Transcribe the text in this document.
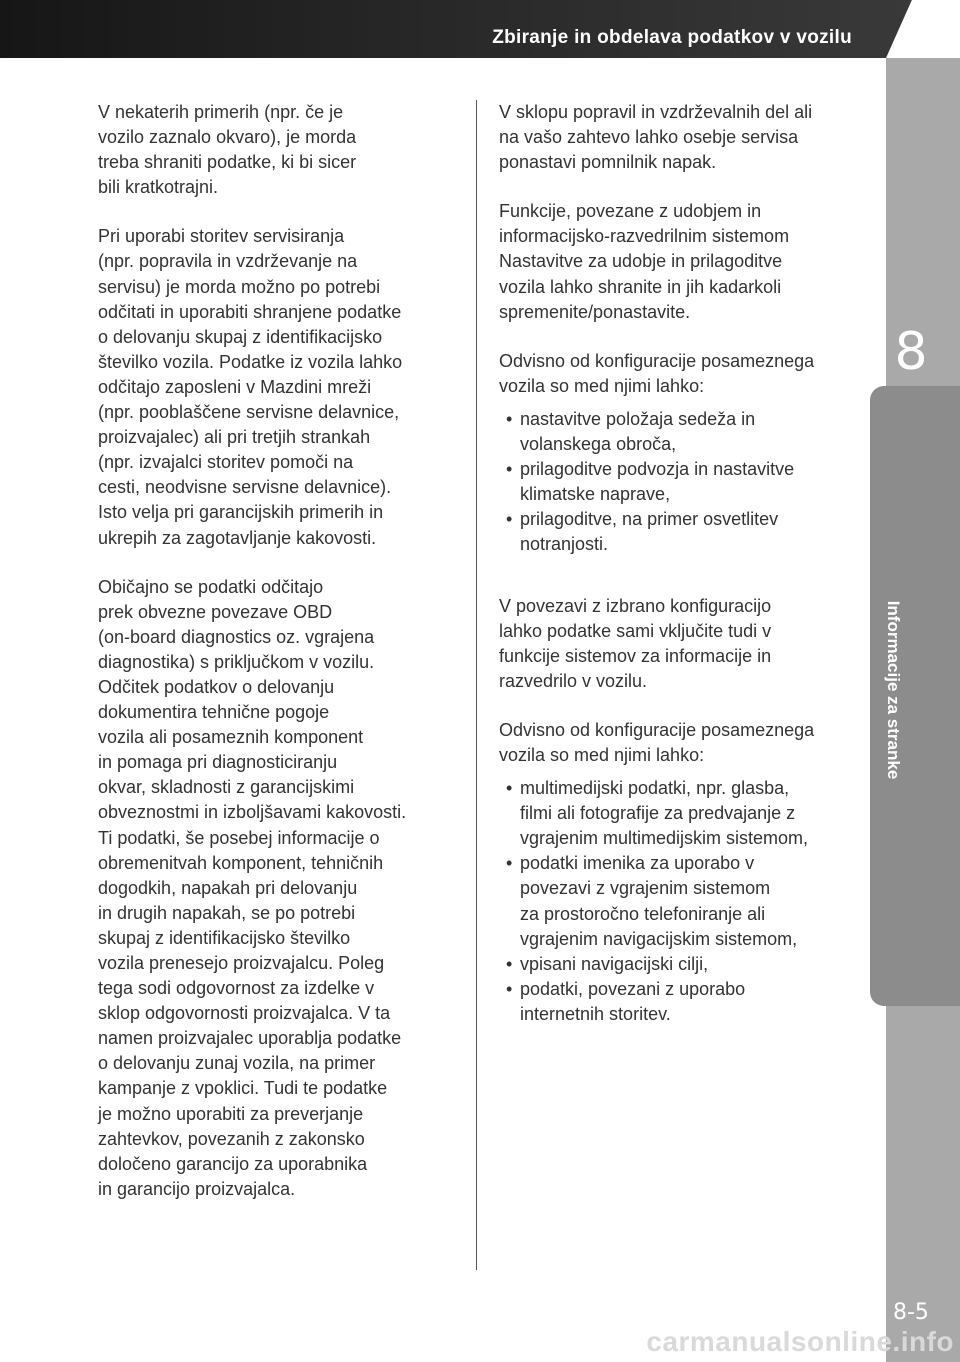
Zbiranje in obdelava podatkov v vozilu
8
Informacije za stranke
8-5

V nekaterih primerih (npr. če je
vozilo zaznalo okvaro), je morda
treba shraniti podatke, ki bi sicer
bili kratkotrajni.

Pri uporabi storitev servisiranja
(npr. popravila in vzdrževanje na
servisu) je morda možno po potrebi
odčitati in uporabiti shranjene podatke
o delovanju skupaj z identifikacijsko
številko vozila. Podatke iz vozila lahko
odčitajo zaposleni v Mazdini mreži
(npr. pooblaščene servisne delavnice,
proizvajalec) ali pri tretjih strankah
(npr. izvajalci storitev pomoči na
cesti, neodvisne servisne delavnice).
Isto velja pri garancijskih primerih in
ukrepih za zagotavljanje kakovosti.

Običajno se podatki odčitajo
prek obvezne povezave OBD
(on-board diagnostics oz. vgrajena
diagnostika) s priključkom v vozilu.
Odčitek podatkov o delovanju
dokumentira tehnične pogoje
vozila ali posameznih komponent
in pomaga pri diagnosticiranju
okvar, skladnosti z garancijskimi
obveznostmi in izboljšavami kakovosti.
Ti podatki, še posebej informacije o
obremenitvah komponent, tehničnih
dogodkih, napakah pri delovanju
in drugih napakah, se po potrebi
skupaj z identifikacijsko številko
vozila prenesejo proizvajalcu. Poleg
tega sodi odgovornost za izdelke v
sklop odgovornosti proizvajalca. V ta
namen proizvajalec uporablja podatke
o delovanju zunaj vozila, na primer
kampanje z vpoklici. Tudi te podatke
je možno uporabiti za preverjanje
zahtevkov, povezanih z zakonsko
določeno garancijo za uporabnika
in garancijo proizvajalca.

V sklopu popravil in vzdrževalnih del ali
na vašo zahtevo lahko osebje servisa
ponastavi pomnilnik napak.

Funkcije, povezane z udobjem in
informacijsko-razvedrilnim sistemom
Nastavitve za udobje in prilagoditve
vozila lahko shranite in jih kadarkoli
spremenite/ponastavite.

Odvisno od konfiguracije posameznega
vozila so med njimi lahko:

• nastavitve položaja sedeža in
volanskega obroča,
• prilagoditve podvozja in nastavitve
klimatske naprave,
• prilagoditve, na primer osvetlitev
notranjosti.

V povezavi z izbrano konfiguracijo
lahko podatke sami vključite tudi v
funkcije sistemov za informacije in
razvedrilo v vozilu.

Odvisno od konfiguracije posameznega
vozila so med njimi lahko:

• multimedijski podatki, npr. glasba,
filmi ali fotografije za predvajanje z
vgrajenim multimedijskim sistemom,
• podatki imenika za uporabo v
povezavi z vgrajenim sistemom
za prostoročno telefoniranje ali
vgrajenim navigacijskim sistemom,
• vpisani navigacijski cilji,
• podatki, povezani z uporabo
internetnih storitev.
carmanualsonline.info
